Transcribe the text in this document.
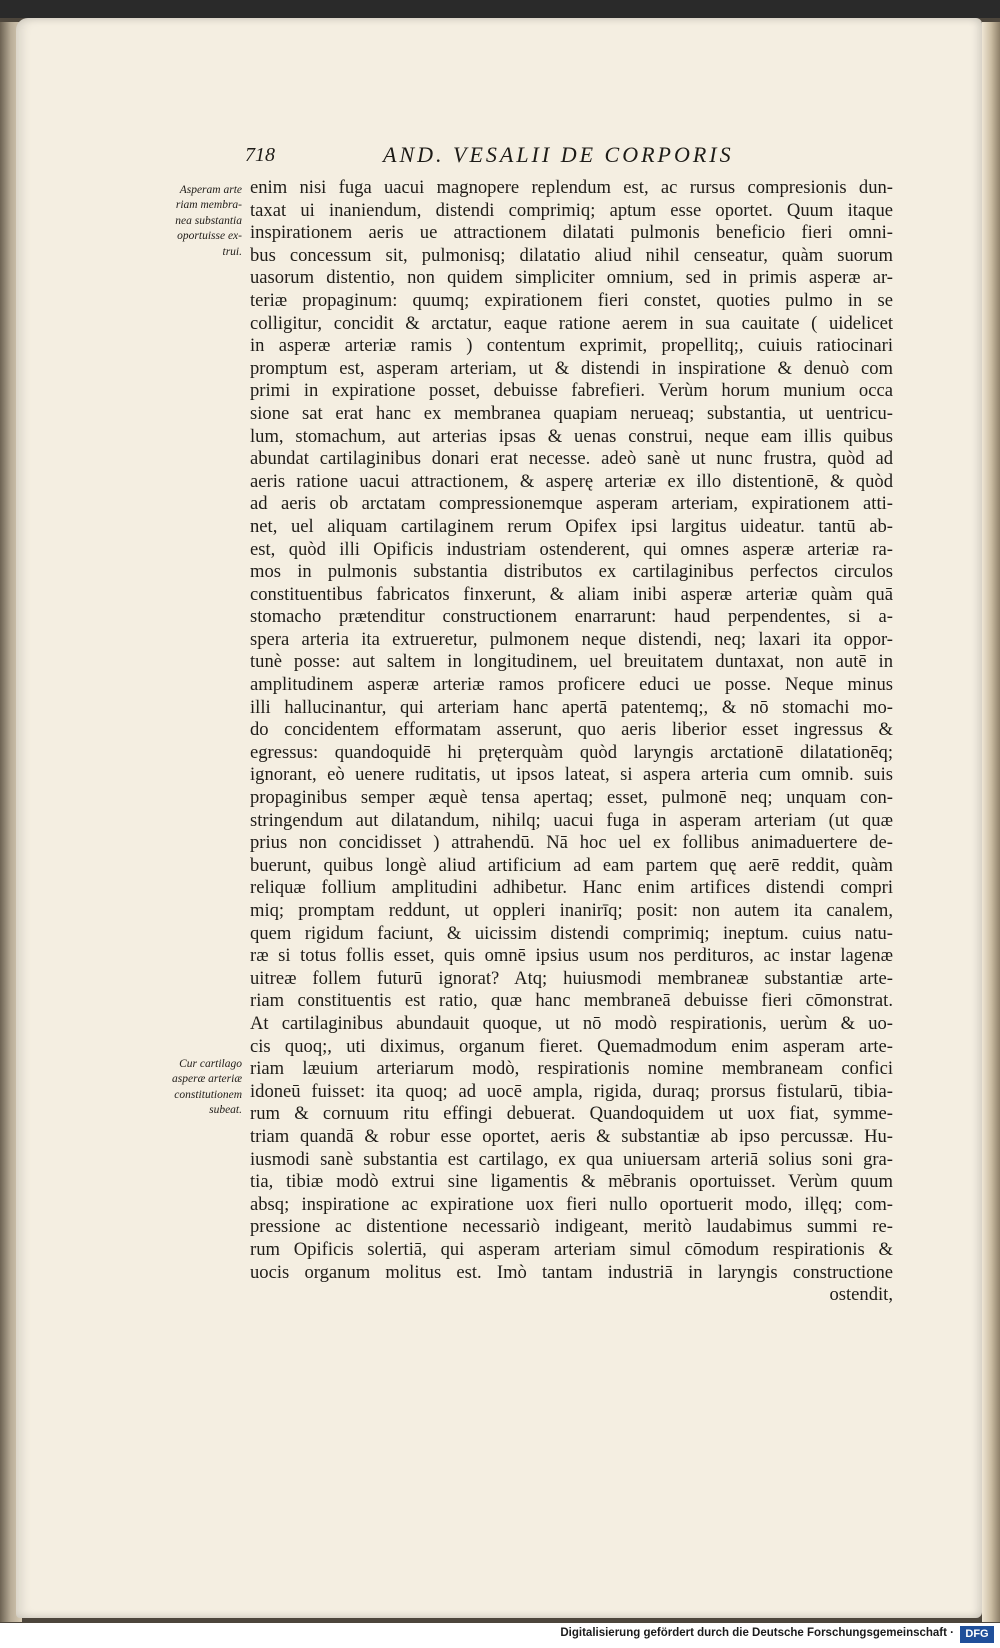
718	AND. VESALII DE CORPORIS
Asperam arte
riam membra-
nea substantia
oportuisse ex-
trui.
Cur cartilago
asperæ arteriæ
constitutionem
subeat.
enim nisi fuga uacui magnopere replendum est, ac rursus compresionis dun-
taxat ui inaniendum, distendi comprimiq; aptum esse oportet. Quum itaque
inspirationem aeris ue attractionem dilatati pulmonis beneficio fieri omni-
bus concessum sit, pulmonisq; dilatatio aliud nihil censeatur, quàm suorum
uasorum distentio, non quidem simpliciter omnium, sed in primis asperæ ar-
teriæ propaginum: quumq; expirationem fieri constet, quoties pulmo in se
colligitur, concidit & arctatur, eaque ratione aerem in sua cauitate ( uidelicet
in asperæ arteriæ ramis ) contentum exprimit, propellitq;, cuiuis ratiocinari
promptum est, asperam arteriam, ut & distendi in inspiratione & denuò com
primi in expiratione posset, debuisse fabrefieri. Verùm horum munium occa
sione sat erat hanc ex membranea quapiam nerueaq; substantia, ut uentricu-
lum, stomachum, aut arterias ipsas & uenas construi, neque eam illis quibus
abundat cartilaginibus donari erat necesse. adeò sanè ut nunc frustra, quòd ad
aeris ratione uacui attractionem, & asperę arteriæ ex illo distentionē, & quòd
ad aeris ob arctatam compressionemque asperam arteriam, expirationem atti-
net, uel aliquam cartilaginem rerum Opifex ipsi largitus uideatur. tantū ab-
est, quòd illi Opificis industriam ostenderent, qui omnes asperæ arteriæ ra-
mos in pulmonis substantia distributos ex cartilaginibus perfectos circulos
constituentibus fabricatos finxerunt, & aliam inibi asperæ arteriæ quàm quā
stomacho prætenditur constructionem enarrarunt: haud perpendentes, si a-
spera arteria ita extrueretur, pulmonem neque distendi, neq; laxari ita oppor-
tunè posse: aut saltem in longitudinem, uel breuitatem duntaxat, non autē in
amplitudinem asperæ arteriæ ramos proficere educi ue posse. Neque minus
illi hallucinantur, qui arteriam hanc apertā patentemq;, & nō stomachi mo-
do concidentem efformatam asserunt, quo aeris liberior esset ingressus &
egressus: quandoquidē hi pręterquàm quòd laryngis arctationē dilatationēq;
ignorant, eò uenere ruditatis, ut ipsos lateat, si aspera arteria cum omnib. suis
propaginibus semper æquè tensa apertaq; esset, pulmonē neq; unquam con-
stringendum aut dilatandum, nihilq; uacui fuga in asperam arteriam (ut quæ
prius non concidisset ) attrahendū. Nā hoc uel ex follibus animaduertere de-
buerunt, quibus longè aliud artificium ad eam partem quę aerē reddit, quàm
reliquæ follium amplitudini adhibetur. Hanc enim artifices distendi compri
miq; promptam reddunt, ut oppleri inanirīq; posit: non autem ita canalem,
quem rigidum faciunt, & uicissim distendi comprimiq; ineptum. cuius natu-
ræ si totus follis esset, quis omnē ipsius usum nos perdituros, ac instar lagenæ
uitreæ follem futurū ignorat? Atq; huiusmodi membraneæ substantiæ arte-
riam constituentis est ratio, quæ hanc membraneā debuisse fieri cōmonstrat.
At cartilaginibus abundauit quoque, ut nō modò respirationis, uerùm & uo-
cis quoq;, uti diximus, organum fieret. Quemadmodum enim asperam arte-
riam læuium arteriarum modò, respirationis nomine membraneam confici
idoneū fuisset: ita quoq; ad uocē ampla, rigida, duraq; prorsus fistularū, tibia-
rum & cornuum ritu effingi debuerat. Quandoquidem ut uox fiat, symme-
triam quandā & robur esse oportet, aeris & substantiæ ab ipso percussæ. Hu-
iusmodi sanè substantia est cartilago, ex qua uniuersam arteriā solius soni gra-
tia, tibiæ modò extrui sine ligamentis & mēbranis oportuisset. Verùm quum
absq; inspiratione ac expiratione uox fieri nullo oportuerit modo, illęq; com-
pressione ac distentione necessariò indigeant, meritò laudabimus summi re-
rum Opificis solertiā, qui asperam arteriam simul cōmodum respirationis &
uocis organum molitus est. Imò tantam industriā in laryngis constructione
ostendit,
Digitalisierung gefördert durch die Deutsche Forschungsgemeinschaft ·	DFG
